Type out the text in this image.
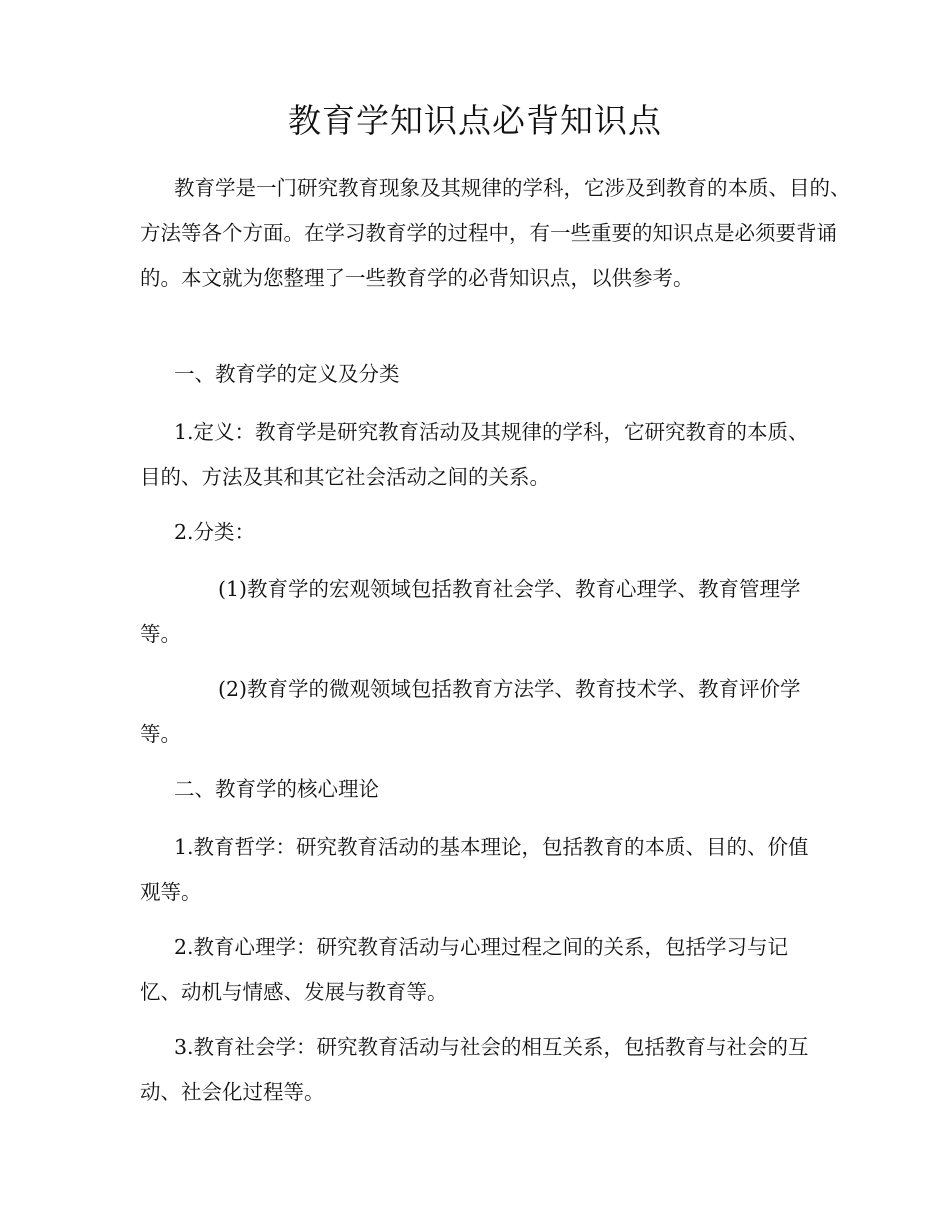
教育学知识点必背知识点

教育学是一门研究教育现象及其规律的学科，它涉及到教育的本质、目的、方法等各个方面。在学习教育学的过程中，有一些重要的知识点是必须要背诵的。本文就为您整理了一些教育学的必背知识点，以供参考。

一、教育学的定义及分类

1.定义：教育学是研究教育活动及其规律的学科，它研究教育的本质、目的、方法及其和其它社会活动之间的关系。

2.分类：

(1)教育学的宏观领域包括教育社会学、教育心理学、教育管理学等。

(2)教育学的微观领域包括教育方法学、教育技术学、教育评价学等。

二、教育学的核心理论

1.教育哲学：研究教育活动的基本理论，包括教育的本质、目的、价值观等。

2.教育心理学：研究教育活动与心理过程之间的关系，包括学习与记忆、动机与情感、发展与教育等。

3.教育社会学：研究教育活动与社会的相互关系，包括教育与社会的互动、社会化过程等。
